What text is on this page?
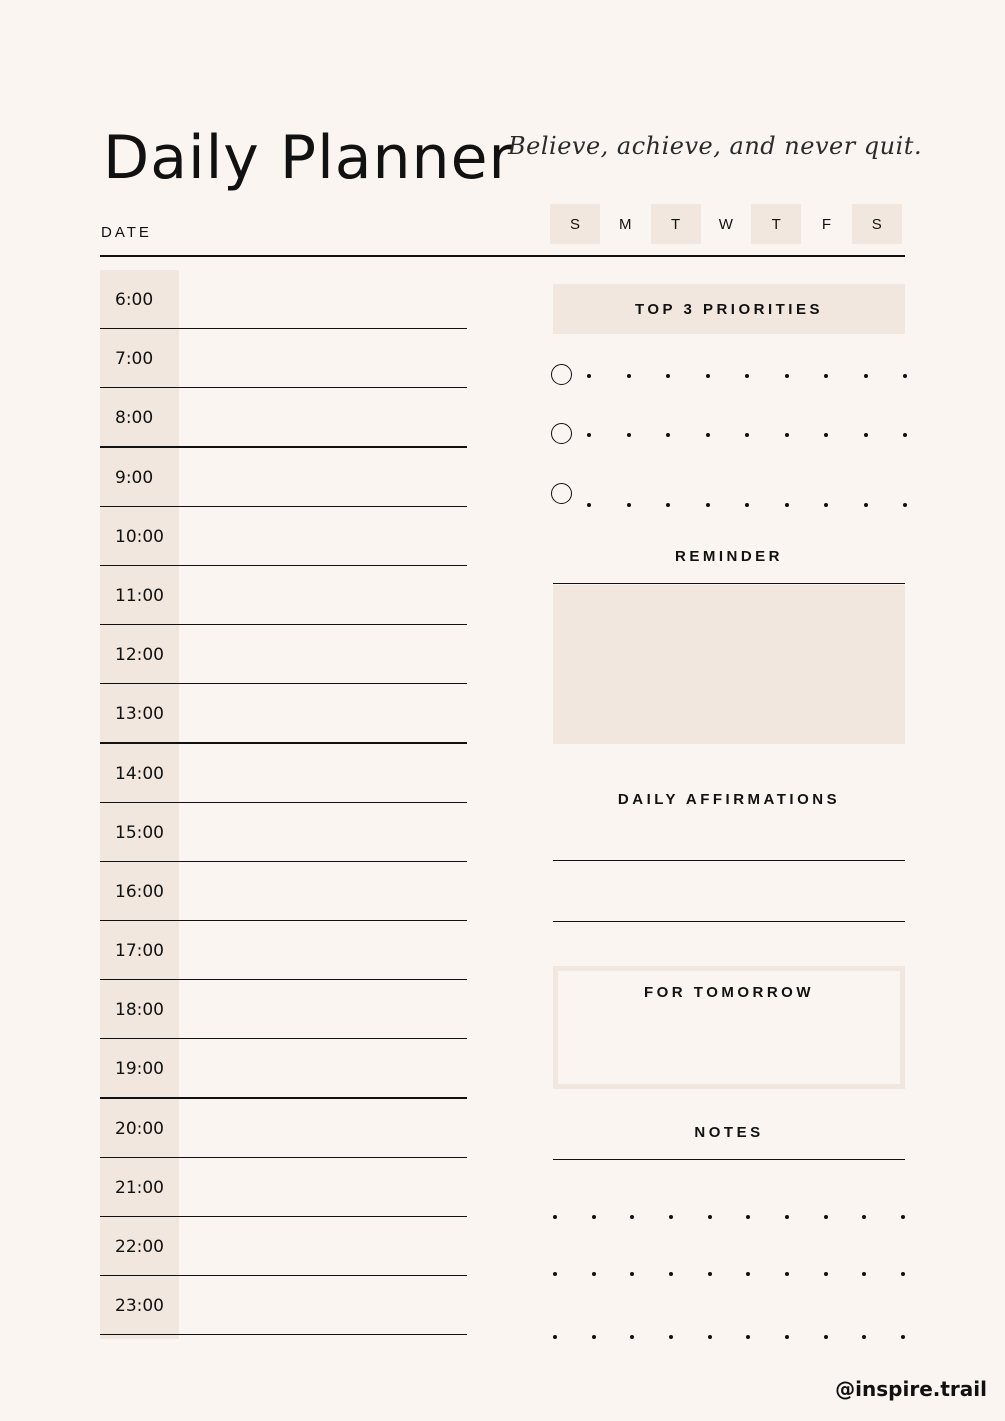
Daily Planner
Believe, achieve, and never quit.
DATE	S	M	T	W	T	F	S
6:00
7:00
8:00
9:00
10:00
11:00
12:00
13:00
14:00
15:00
16:00
17:00
18:00
19:00
20:00
21:00
22:00
23:00
TOP 3 PRIORITIES
REMINDER
DAILY AFFIRMATIONS
FOR TOMORROW
NOTES
@inspire.trail
